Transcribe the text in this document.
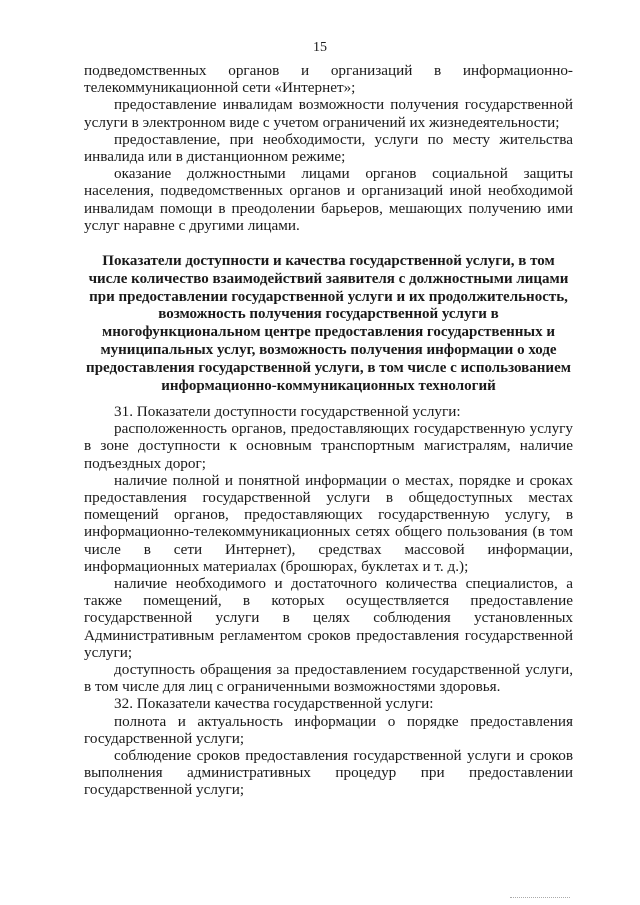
15

подведомственных органов и организаций в информационно-телекоммуникационной сети «Интернет»;

предоставление инвалидам возможности получения государственной услуги в электронном виде с учетом ограничений их жизнедеятельности;

предоставление, при необходимости, услуги по месту жительства инвалида или в дистанционном режиме;

оказание должностными лицами органов социальной защиты населения, подведомственных органов и организаций иной необходимой инвалидам помощи в преодолении барьеров, мешающих получению ими услуг наравне с другими лицами.

Показатели доступности и качества государственной услуги, в том числе количество взаимодействий заявителя с должностными лицами при предоставлении государственной услуги и их продолжительность, возможность получения государственной услуги в многофункциональном центре предоставления государственных и муниципальных услуг, возможность получения информации о ходе предоставления государственной услуги, в том числе с использованием информационно-коммуникационных технологий

31. Показатели доступности государственной услуги:

расположенность органов, предоставляющих государственную услугу в зоне доступности к основным транспортным магистралям, наличие подъездных дорог;

наличие полной и понятной информации о местах, порядке и сроках предоставления государственной услуги в общедоступных местах помещений органов, предоставляющих государственную услугу, в информационно-телекоммуникационных сетях общего пользования (в том числе в сети Интернет), средствах массовой информации, информационных материалах (брошюрах, буклетах и т. д.);

наличие необходимого и достаточного количества специалистов, а также помещений, в которых осуществляется предоставление государственной услуги в целях соблюдения установленных Административным регламентом сроков предоставления государственной услуги;

доступность обращения за предоставлением государственной услуги, в том числе для лиц с ограниченными возможностями здоровья.

32. Показатели качества государственной услуги:

полнота и актуальность информации о порядке предоставления государственной услуги;

соблюдение сроков предоставления государственной услуги и сроков выполнения административных процедур при предоставлении государственной услуги;
